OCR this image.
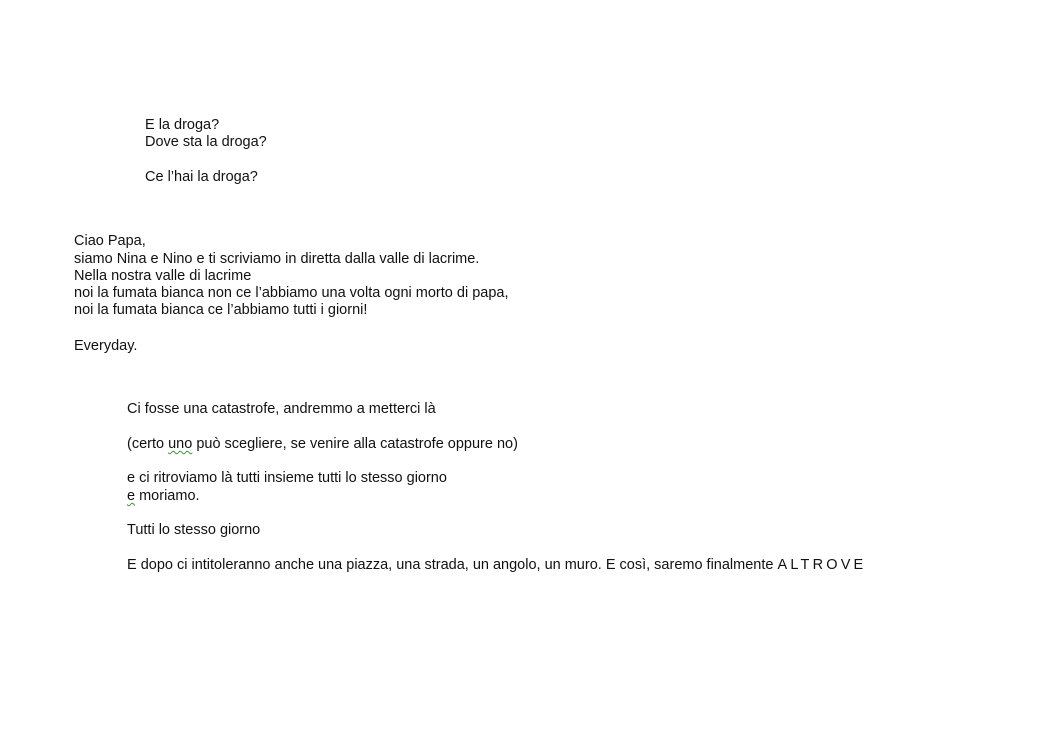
E la droga?
Dove sta la droga?
Ce l’hai la droga?
Ciao Papa,
siamo Nina e Nino e ti scriviamo in diretta dalla valle di lacrime.
Nella nostra valle di lacrime
noi la fumata bianca non ce l’abbiamo una volta ogni morto di papa,
noi la fumata bianca ce l’abbiamo tutti i giorni!
Everyday.
Ci fosse una catastrofe, andremmo a metterci là
(certo uno può scegliere, se venire alla catastrofe oppure no)
e ci ritroviamo là tutti insieme tutti lo stesso giorno
e moriamo.
Tutti lo stesso giorno
E dopo ci intitoleranno anche una piazza, una strada, un angolo, un muro. E così, saremo finalmente ALTROVE
